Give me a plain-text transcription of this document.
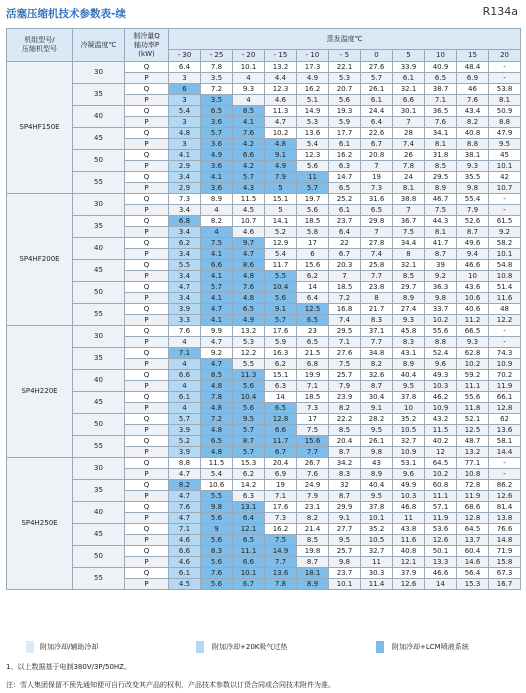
活塞压缩机技术参数表-续	R134a
机组型号/
压缩机型号	冷凝温度℃	制冷量Q
轴功率P
(kW)	蒸发温度℃										
			- 30	- 25	- 20	- 15	- 10	- 5	0	5	10	15	20
SP4HF150E	30	Q	6.4	7.8	10.1	13.2	17.3	22.1	27.6	33.9	40.9	48.4	-
		P	3	3.5	4	4.4	4.9	5.3	5.7	6.1	6.5	6.9	-
	35	Q	6	7.2	9.3	12.3	16.2	20.7	26.1	32.1	38.7	46	53.8
		P	3	3.5	4	4.6	5.1	5.6	6.1	6.6	7.1	7.6	8.1
	40	Q	5.4	6.5	8.5	11.3	14.9	19.3	24.4	30.1	36.5	43.4	50.9
		P	3	3.6	4.1	4.7	5.3	5.9	6.4	7	7.6	8.2	8.8
	45	Q	4.8	5.7	7.6	10.2	13.6	17.7	22.6	28	34.1	40.8	47.9
		P	3	3.6	4.2	4.8	5.4	6.1	6.7	7.4	8.1	8.8	9.5
	50	Q	4.1	4.9	6.6	9.1	12.3	16.2	20.8	26	31.8	38.1	45
		P	2.9	3.6	4.2	4.9	5.6	6.3	7	7.8	8.5	9.3	10.1
	55	Q	3.4	4.1	5.7	7.9	11	14.7	19	24	29.5	35.5	42
		P	2.9	3.6	4.3	5	5.7	6.5	7.3	8.1	8.9	9.8	10.7
SP4HF200E	30	Q	7.3	8.9	11.5	15.1	19.7	25.2	31.6	38.8	46.7	55.4	-
		P	3.4	4	4.5	5	5.6	6.1	6.5	7	7.5	7.9	-
	35	Q	6.8	8.2	10.7	14.1	18.5	23.7	29.8	36.7	44.3	52.6	61.5
		P	3.4	4	4.6	5.2	5.8	6.4	7	7.5	8.1	8.7	9.2
	40	Q	6.2	7.5	9.7	12.9	17	22	27.8	34.4	41.7	49.6	58.2
		P	3.4	4.1	4.7	5.4	6	6.7	7.4	8	8.7	9.4	10.1
	45	Q	5.5	6.6	8.6	11.7	15.6	20.3	25.8	32.1	39	46.6	54.8
		P	3.4	4.1	4.8	5.5	6.2	7	7.7	8.5	9.2	10	10.8
	50	Q	4.7	5.7	7.6	10.4	14	18.5	23.8	29.7	36.3	43.6	51.4
		P	3.4	4.1	4.8	5.6	6.4	7.2	8	8.9	9.8	10.6	11.6
	55	Q	3.9	4.7	6.5	9.1	12.5	16.8	21.7	27.4	33.7	40.6	48
		P	3.3	4.1	4.9	5.7	6.5	7.4	8.3	9.3	10.2	11.2	12.2
SP4H220E	30	Q	7.6	9.9	13.2	17.6	23	29.5	37.1	45.8	55.6	66.5	-
		P	4	4.7	5.3	5.9	6.5	7.1	7.7	8.3	8.8	9.3	-
	35	Q	7.1	9.2	12.2	16.3	21.5	27.6	34.8	43.1	52.4	62.8	74.3
		P	4	4.7	5.5	6.2	6.8	7.5	8.2	8.9	9.6	10.2	10.9
	40	Q	6.6	8.5	11.3	15.1	19.9	25.7	32.6	40.4	49.3	59.2	70.2
		P	4	4.8	5.6	6.3	7.1	7.9	8.7	9.5	10.3	11.1	11.9
	45	Q	6.1	7.8	10.4	14	18.5	23.9	30.4	37.8	46.2	55.6	66.1
		P	4	4.8	5.6	6.5	7.3	8.2	9.1	10	10.9	11.8	12.8
	50	Q	5.7	7.2	9.5	12.8	17	22.2	28.2	35.2	43.2	52.1	62
		P	3.9	4.8	5.7	6.6	7.5	8.5	9.5	10.5	11.5	12.5	13.6
	55	Q	5.2	6.5	8.7	11.7	15.6	20.4	26.1	32.7	40.2	48.7	58.1
		P	3.9	4.8	5.7	6.7	7.7	8.7	9.8	10.9	12	13.2	14.4
SP4H250E	30	Q	8.8	11.5	15.3	20.4	26.7	34.2	43	53.1	64.5	77.1	-
		P	4.7	5.4	6.2	6.9	7.6	8.3	8.9	9.6	10.2	10.8	-
	35	Q	8.2	10.6	14.2	19	24.9	32	40.4	49.9	60.8	72.8	86.2
		P	4.7	5.5	6.3	7.1	7.9	8.7	9.5	10.3	11.1	11.9	12.6
	40	Q	7.6	9.8	13.1	17.6	23.1	29.9	37.8	46.8	57.1	68.6	81.4
		P	4.7	5.6	6.4	7.3	8.2	9.1	10.1	11	11.9	12.8	13.8
	45	Q	7.1	9	12.1	16.2	21.4	27.7	35.2	43.8	53.6	64.5	76.6
		P	4.6	5.6	6.5	7.5	8.5	9.5	10.5	11.6	12.6	13.7	14.8
	50	Q	6.6	8.3	11.1	14.9	19.8	25.7	32.7	40.8	50.1	60.4	71.9
		P	4.6	5.6	6.6	7.7	8.7	9.8	11	12.1	13.3	14.6	15.8
	55	Q	6.1	7.6	10.1	13.6	18.1	23.7	30.3	37.9	46.6	56.4	67.3
		P	4.5	5.6	6.7	7.8	8.9	10.1	11.4	12.6	14	15.3	16.7
附加冷却/辅助冷却	附加冷却+20K吸气过热	附加冷却+LCM喷液系统
1、以上数据基于电制380V/3P/50HZ。
注：雪人集团保留不预先通知便可自行改变其产品的权利，产品技术参数以订货合同或合同技术附件为准。
